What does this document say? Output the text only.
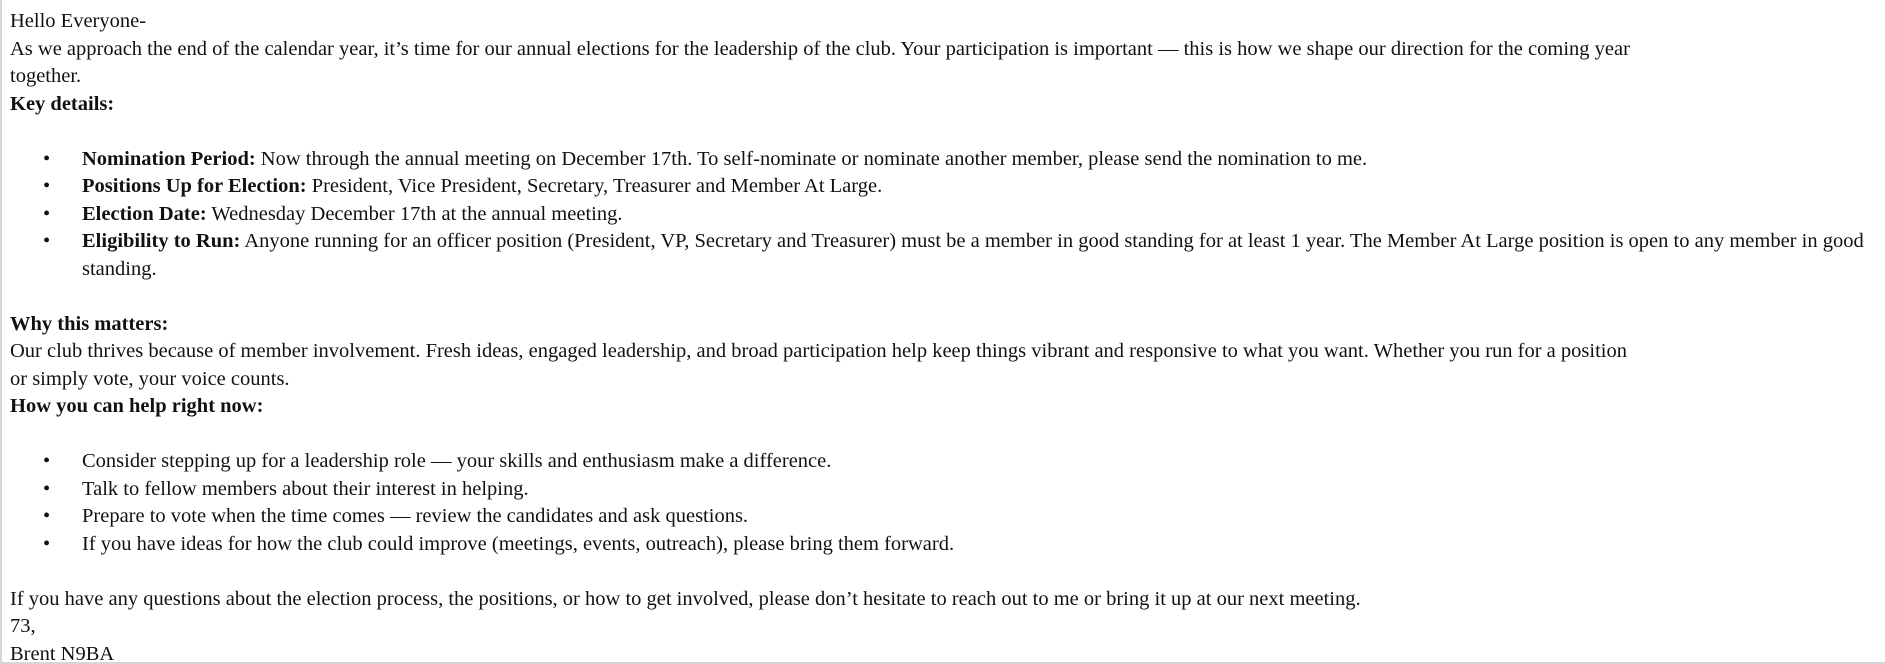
Hello Everyone-
As we approach the end of the calendar year, it’s time for our annual elections for the leadership of the club. Your participation is important — this is how we shape our direction for the coming year
together.
Key details:
• Nomination Period: Now through the annual meeting on December 17th. To self-nominate or nominate another member, please send the nomination to me.
• Positions Up for Election: President, Vice President, Secretary, Treasurer and Member At Large.
• Election Date: Wednesday December 17th at the annual meeting.
• Eligibility to Run: Anyone running for an officer position (President, VP, Secretary and Treasurer) must be a member in good standing for at least 1 year. The Member At Large position is open to any member in good standing.
Why this matters:
Our club thrives because of member involvement. Fresh ideas, engaged leadership, and broad participation help keep things vibrant and responsive to what you want. Whether you run for a position
or simply vote, your voice counts.
How you can help right now:
• Consider stepping up for a leadership role — your skills and enthusiasm make a difference.
• Talk to fellow members about their interest in helping.
• Prepare to vote when the time comes — review the candidates and ask questions.
• If you have ideas for how the club could improve (meetings, events, outreach), please bring them forward.
If you have any questions about the election process, the positions, or how to get involved, please don’t hesitate to reach out to me or bring it up at our next meeting.
73,
Brent N9BA
